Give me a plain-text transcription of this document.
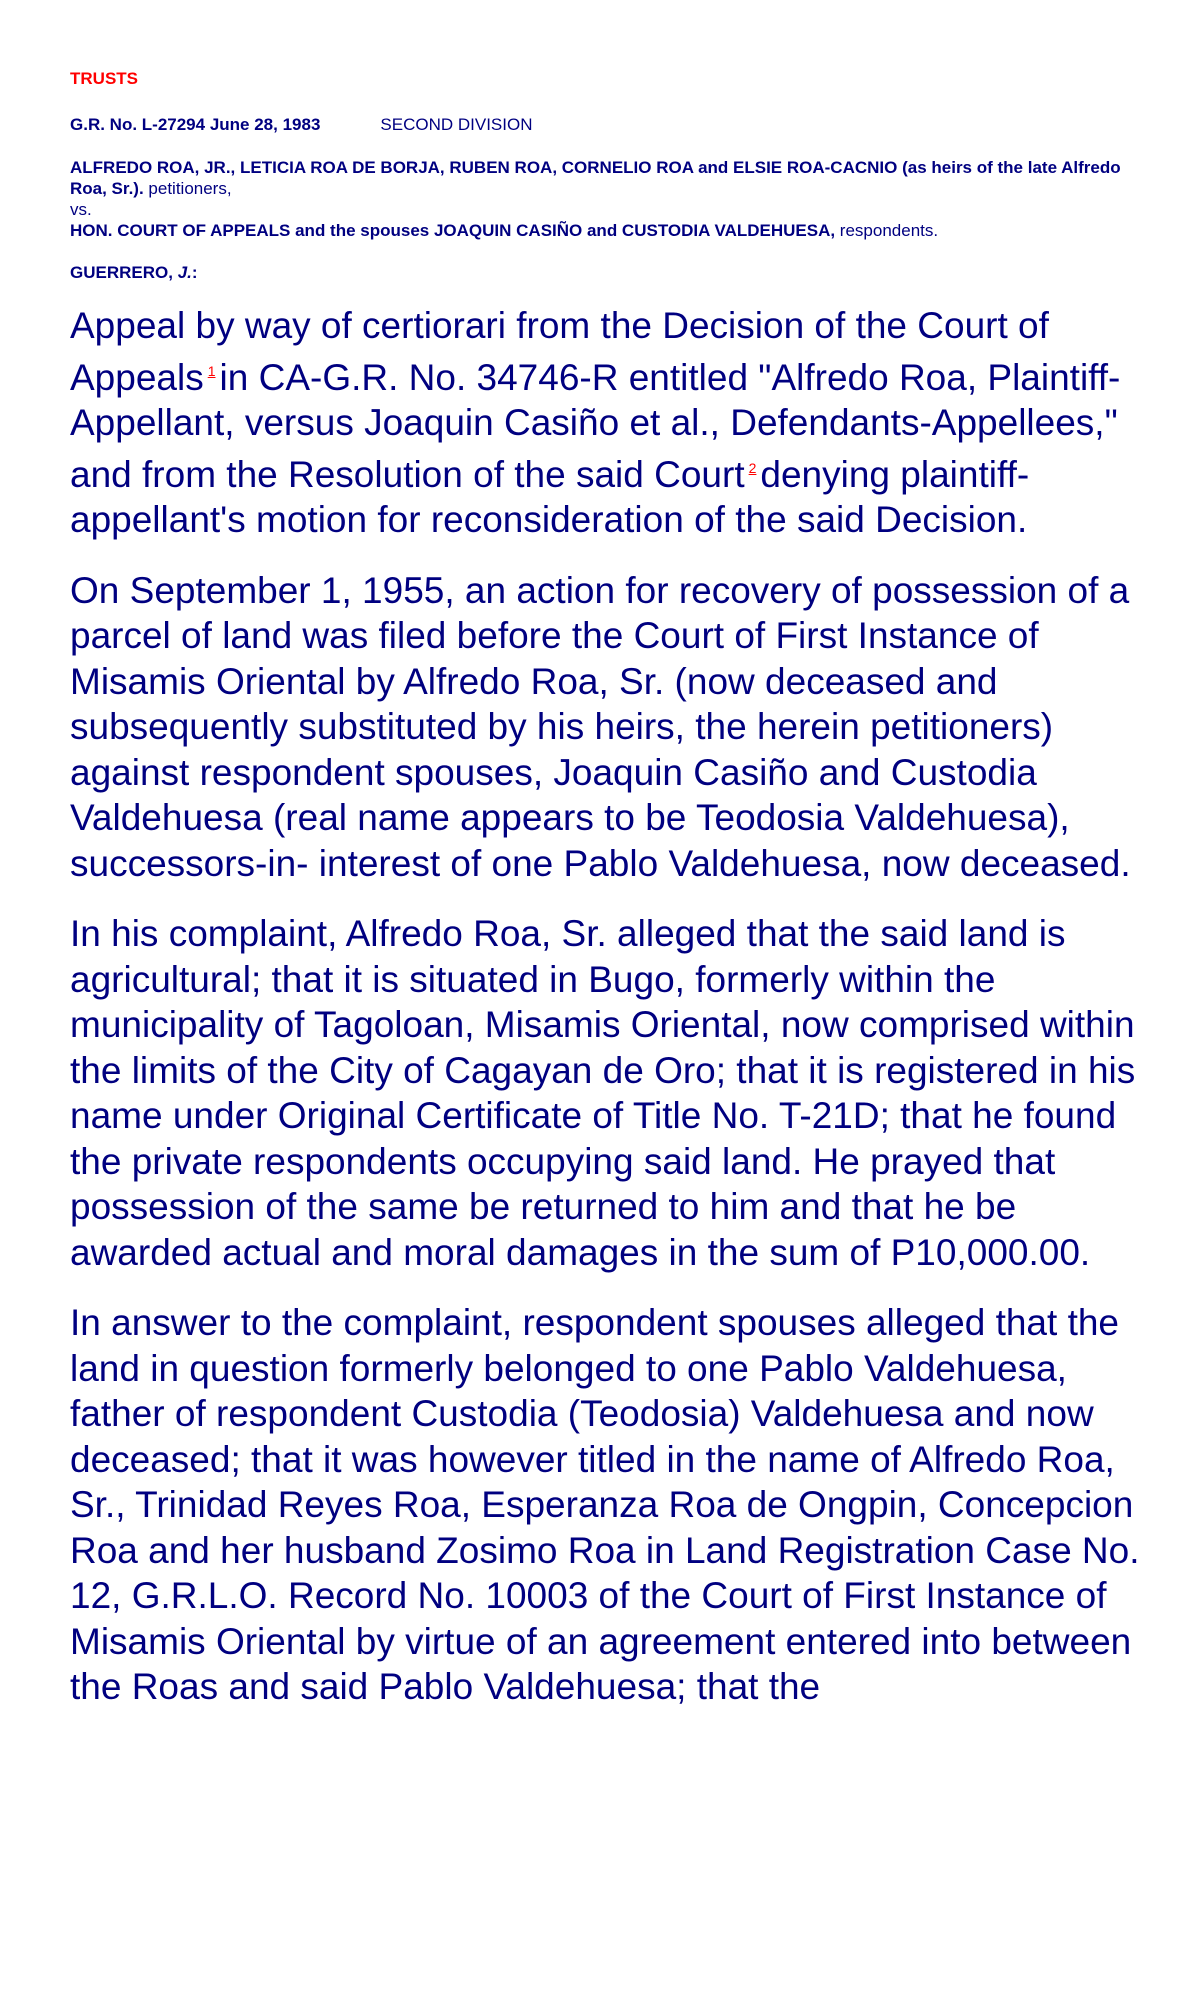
TRUSTS
G.R. No. L-27294 June 28, 1983	SECOND DIVISION
ALFREDO ROA, JR., LETICIA ROA DE BORJA, RUBEN ROA, CORNELIO ROA and ELSIE ROA-CACNIO (as heirs of the late Alfredo Roa, Sr.). petitioners,
vs.
HON. COURT OF APPEALS and the spouses JOAQUIN CASIÑO and CUSTODIA VALDEHUESA, respondents.
GUERRERO, J.:

Appeal by way of certiorari from the Decision of the Court of Appeals $^1$ in CA-G.R. No. 34746-R entitled "Alfredo Roa, Plaintiff-Appellant, versus Joaquin Casiño et al., Defendants-Appellees," and from the Resolution of the said Court $^2$ denying plaintiff-appellant's motion for reconsideration of the said Decision.

On September 1, 1955, an action for recovery of possession of a parcel of land was filed before the Court of First Instance of Misamis Oriental by Alfredo Roa, Sr. (now deceased and subsequently substituted by his heirs, the herein petitioners) against respondent spouses, Joaquin Casiño and Custodia Valdehuesa (real name appears to be Teodosia Valdehuesa), successors-in- interest of one Pablo Valdehuesa, now deceased.

In his complaint, Alfredo Roa, Sr. alleged that the said land is agricultural; that it is situated in Bugo, formerly within the municipality of Tagoloan, Misamis Oriental, now comprised within the limits of the City of Cagayan de Oro; that it is registered in his name under Original Certificate of Title No. T-21D; that he found the private respondents occupying said land. He prayed that possession of the same be returned to him and that he be awarded actual and moral damages in the sum of P10,000.00.

In answer to the complaint, respondent spouses alleged that the land in question formerly belonged to one Pablo Valdehuesa, father of respondent Custodia (Teodosia) Valdehuesa and now deceased; that it was however titled in the name of Alfredo Roa, Sr., Trinidad Reyes Roa, Esperanza Roa de Ongpin, Concepcion Roa and her husband Zosimo Roa in Land Registration Case No. 12, G.R.L.O. Record No. 10003 of the Court of First Instance of Misamis Oriental by virtue of an agreement entered into between the Roas and said Pablo Valdehuesa; that the
